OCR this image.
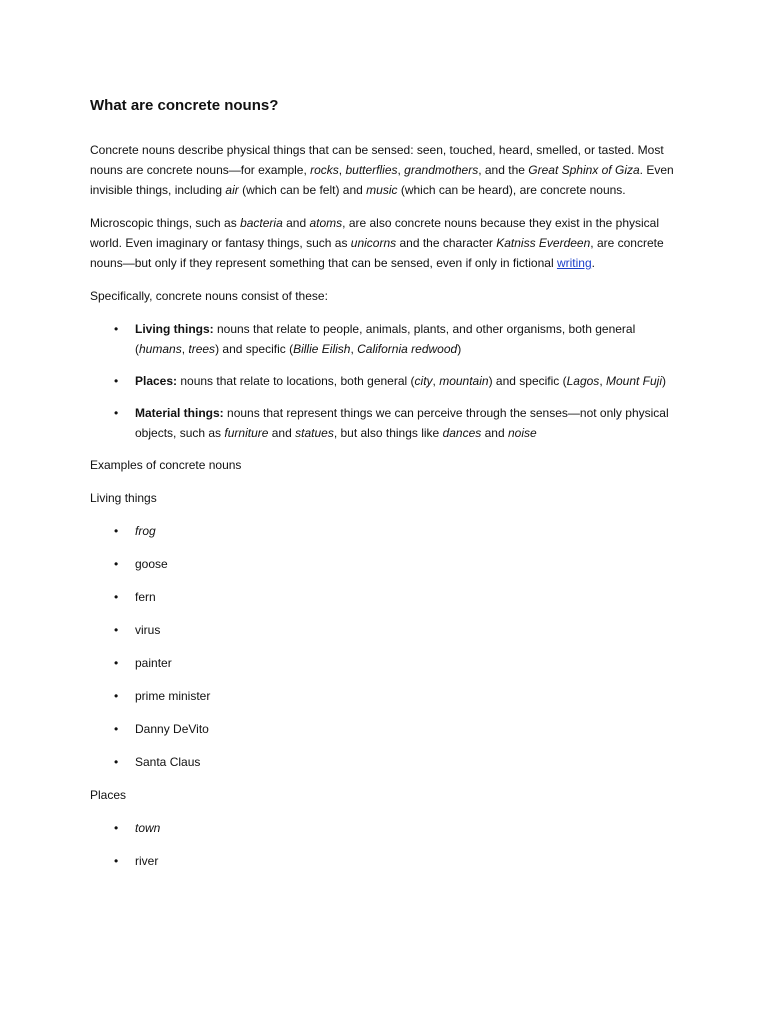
What are concrete nouns?

Concrete nouns describe physical things that can be sensed: seen, touched, heard, smelled, or tasted. Most nouns are concrete nouns—for example, rocks, butterflies, grandmothers, and the Great Sphinx of Giza. Even invisible things, including air (which can be felt) and music (which can be heard), are concrete nouns.

Microscopic things, such as bacteria and atoms, are also concrete nouns because they exist in the physical world. Even imaginary or fantasy things, such as unicorns and the character Katniss Everdeen, are concrete nouns—but only if they represent something that can be sensed, even if only in fictional writing.

Specifically, concrete nouns consist of these:

• Living things: nouns that relate to people, animals, plants, and other organisms, both general (humans, trees) and specific (Billie Eilish, California redwood)
• Places: nouns that relate to locations, both general (city, mountain) and specific (Lagos, Mount Fuji)
• Material things: nouns that represent things we can perceive through the senses—not only physical objects, such as furniture and statues, but also things like dances and noise

Examples of concrete nouns

Living things

• frog
• goose
• fern
• virus
• painter
• prime minister
• Danny DeVito
• Santa Claus

Places

• town
• river
